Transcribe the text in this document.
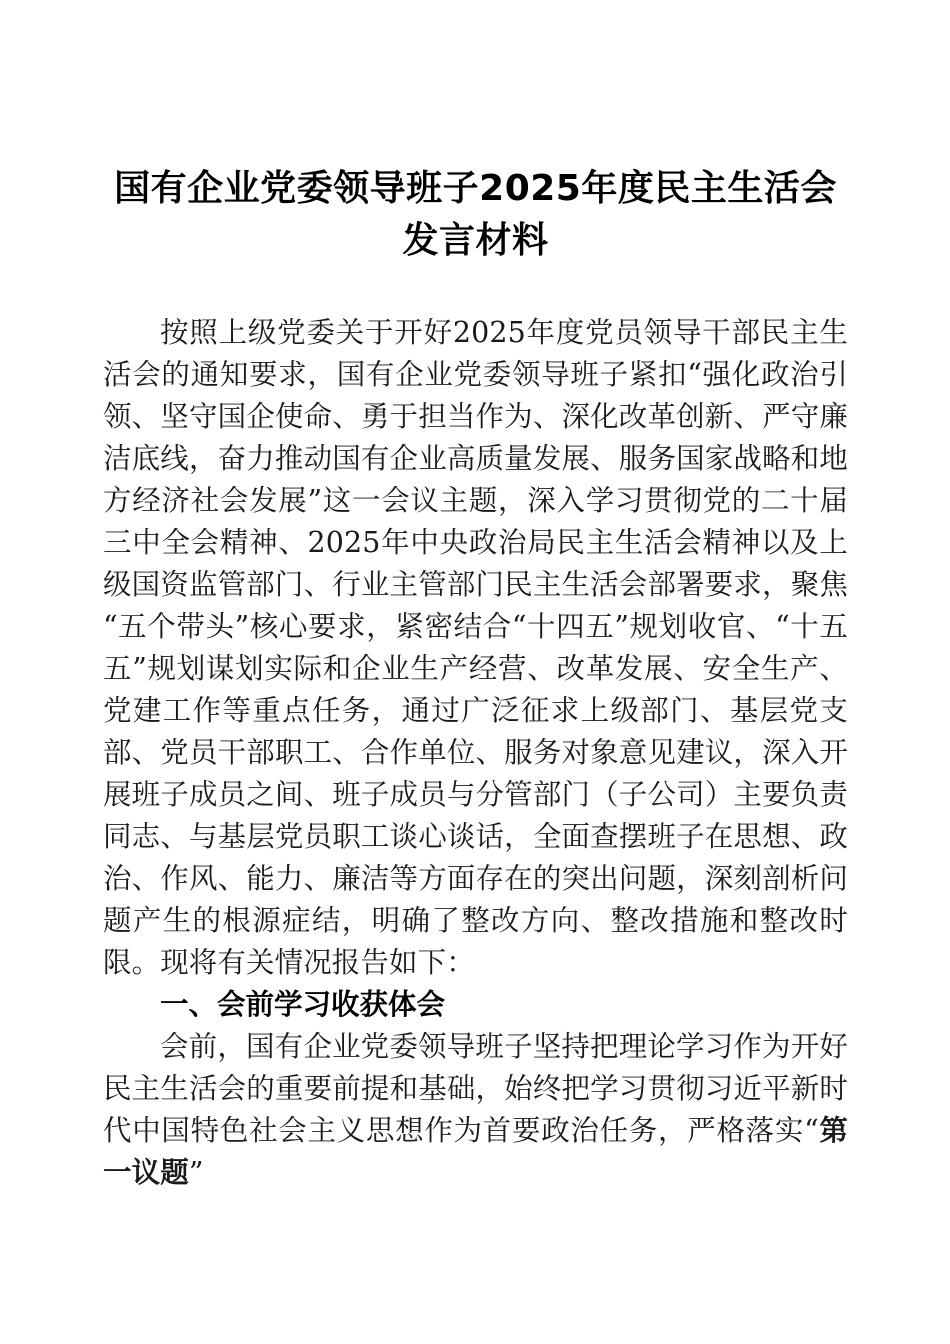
国有企业党委领导班子2025年度民主生活会发言材料

按照上级党委关于开好2025年度党员领导干部民主生活会的通知要求，国有企业党委领导班子紧扣“强化政治引领、坚守国企使命、勇于担当作为、深化改革创新、严守廉洁底线，奋力推动国有企业高质量发展、服务国家战略和地方经济社会发展”这一会议主题，深入学习贯彻党的二十届三中全会精神、2025年中央政治局民主生活会精神以及上级国资监管部门、行业主管部门民主生活会部署要求，聚焦“五个带头”核心要求，紧密结合“十四五”规划收官、“十五五”规划谋划实际和企业生产经营、改革发展、安全生产、党建工作等重点任务，通过广泛征求上级部门、基层党支部、党员干部职工、合作单位、服务对象意见建议，深入开展班子成员之间、班子成员与分管部门（子公司）主要负责同志、与基层党员职工谈心谈话，全面查摆班子在思想、政治、作风、能力、廉洁等方面存在的突出问题，深刻剖析问题产生的根源症结，明确了整改方向、整改措施和整改时限。现将有关情况报告如下：

一、会前学习收获体会

会前，国有企业党委领导班子坚持把理论学习作为开好民主生活会的重要前提和基础，始终把学习贯彻习近平新时代中国特色社会主义思想作为首要政治任务，严格落实“第一议题”
